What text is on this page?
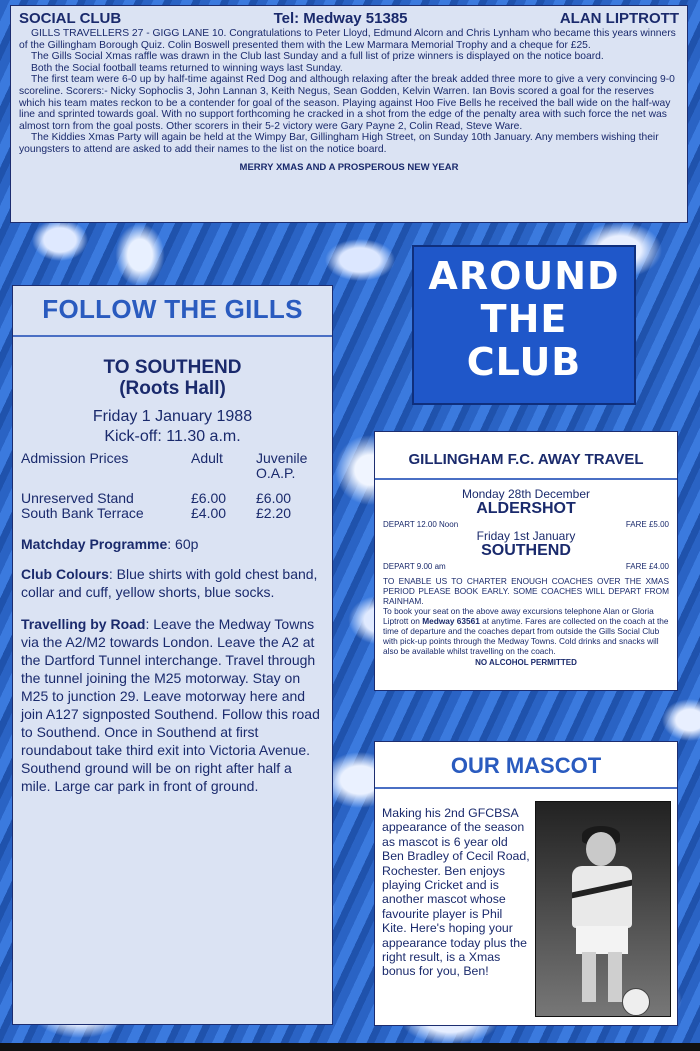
SOCIAL CLUB	Tel: Medway 51385	ALAN LIPTROTT

GILLS TRAVELLERS 27 - GIGG LANE 10. Congratulations to Peter Lloyd, Edmund Alcorn and Chris Lynham who became this years winners of the Gillingham Borough Quiz. Colin Boswell presented them with the Lew Marmara Memorial Trophy and a cheque for £25.

The Gills Social Xmas raffle was drawn in the Club last Sunday and a full list of prize winners is displayed on the notice board.

Both the Social football teams returned to winning ways last Sunday.

The first team were 6-0 up by half-time against Red Dog and although relaxing after the break added three more to give a very convincing 9-0 scoreline. Scorers:- Nicky Sophoclis 3, John Lannan 3, Keith Negus, Sean Godden, Kelvin Warren. Ian Bovis scored a goal for the reserves which his team mates reckon to be a contender for goal of the season. Playing against Hoo Five Bells he received the ball wide on the half-way line and sprinted towards goal. With no support forthcoming he cracked in a shot from the edge of the penalty area with such force the net was almost torn from the goal posts. Other scorers in their 5-2 victory were Gary Payne 2, Colin Read, Steve Ware.

The Kiddies Xmas Party will again be held at the Wimpy Bar, Gillingham High Street, on Sunday 10th January. Any members wishing their youngsters to attend are asked to add their names to the list on the notice board.

MERRY XMAS AND A PROSPEROUS NEW YEAR

FOLLOW THE GILLS
TO SOUTHEND
(Roots Hall)
Friday 1 January 1988
Kick-off: 11.30 a.m.
Admission Prices	Adult	Juvenile O.A.P.

Unreserved Stand	£6.00	£6.00
South Bank Terrace	£4.00	£2.20

Matchday Programme: 60p

Club Colours: Blue shirts with gold chest band, collar and cuff, yellow shorts, blue socks.

Travelling by Road: Leave the Medway Towns via the A2/M2 towards London. Leave the A2 at the Dartford Tunnel interchange. Travel through the tunnel joining the M25 motorway. Stay on M25 to junction 29. Leave motorway here and join A127 signposted Southend. Follow this road to Southend. Once in Southend at first roundabout take third exit into Victoria Avenue. Southend ground will be on right after half a mile. Large car park in front of ground.

AROUND
THE
CLUB
GILLINGHAM F.C. AWAY TRAVEL
Monday 28th December
ALDERSHOT
DEPART 12.00 Noon	FARE £5.00
Friday 1st January
SOUTHEND
DEPART 9.00 am	FARE £4.00

TO ENABLE US TO CHARTER ENOUGH COACHES OVER THE XMAS PERIOD PLEASE BOOK EARLY. SOME COACHES WILL DEPART FROM RAINHAM.

To book your seat on the above away excursions telephone Alan or Gloria Liptrott on Medway 63561 at anytime. Fares are collected on the coach at the time of departure and the coaches depart from outside the Gills Social Club with pick-up points through the Medway Towns. Cold drinks and snacks will also be available whilst travelling on the coach.

NO ALCOHOL PERMITTED
OUR MASCOT
Making his 2nd GFCBSA appearance of the season as mascot is 6 year old Ben Bradley of Cecil Road, Rochester. Ben enjoys playing Cricket and is another mascot whose favourite player is Phil Kite. Here's hoping your appearance today plus the right result, is a Xmas bonus for you, Ben!
